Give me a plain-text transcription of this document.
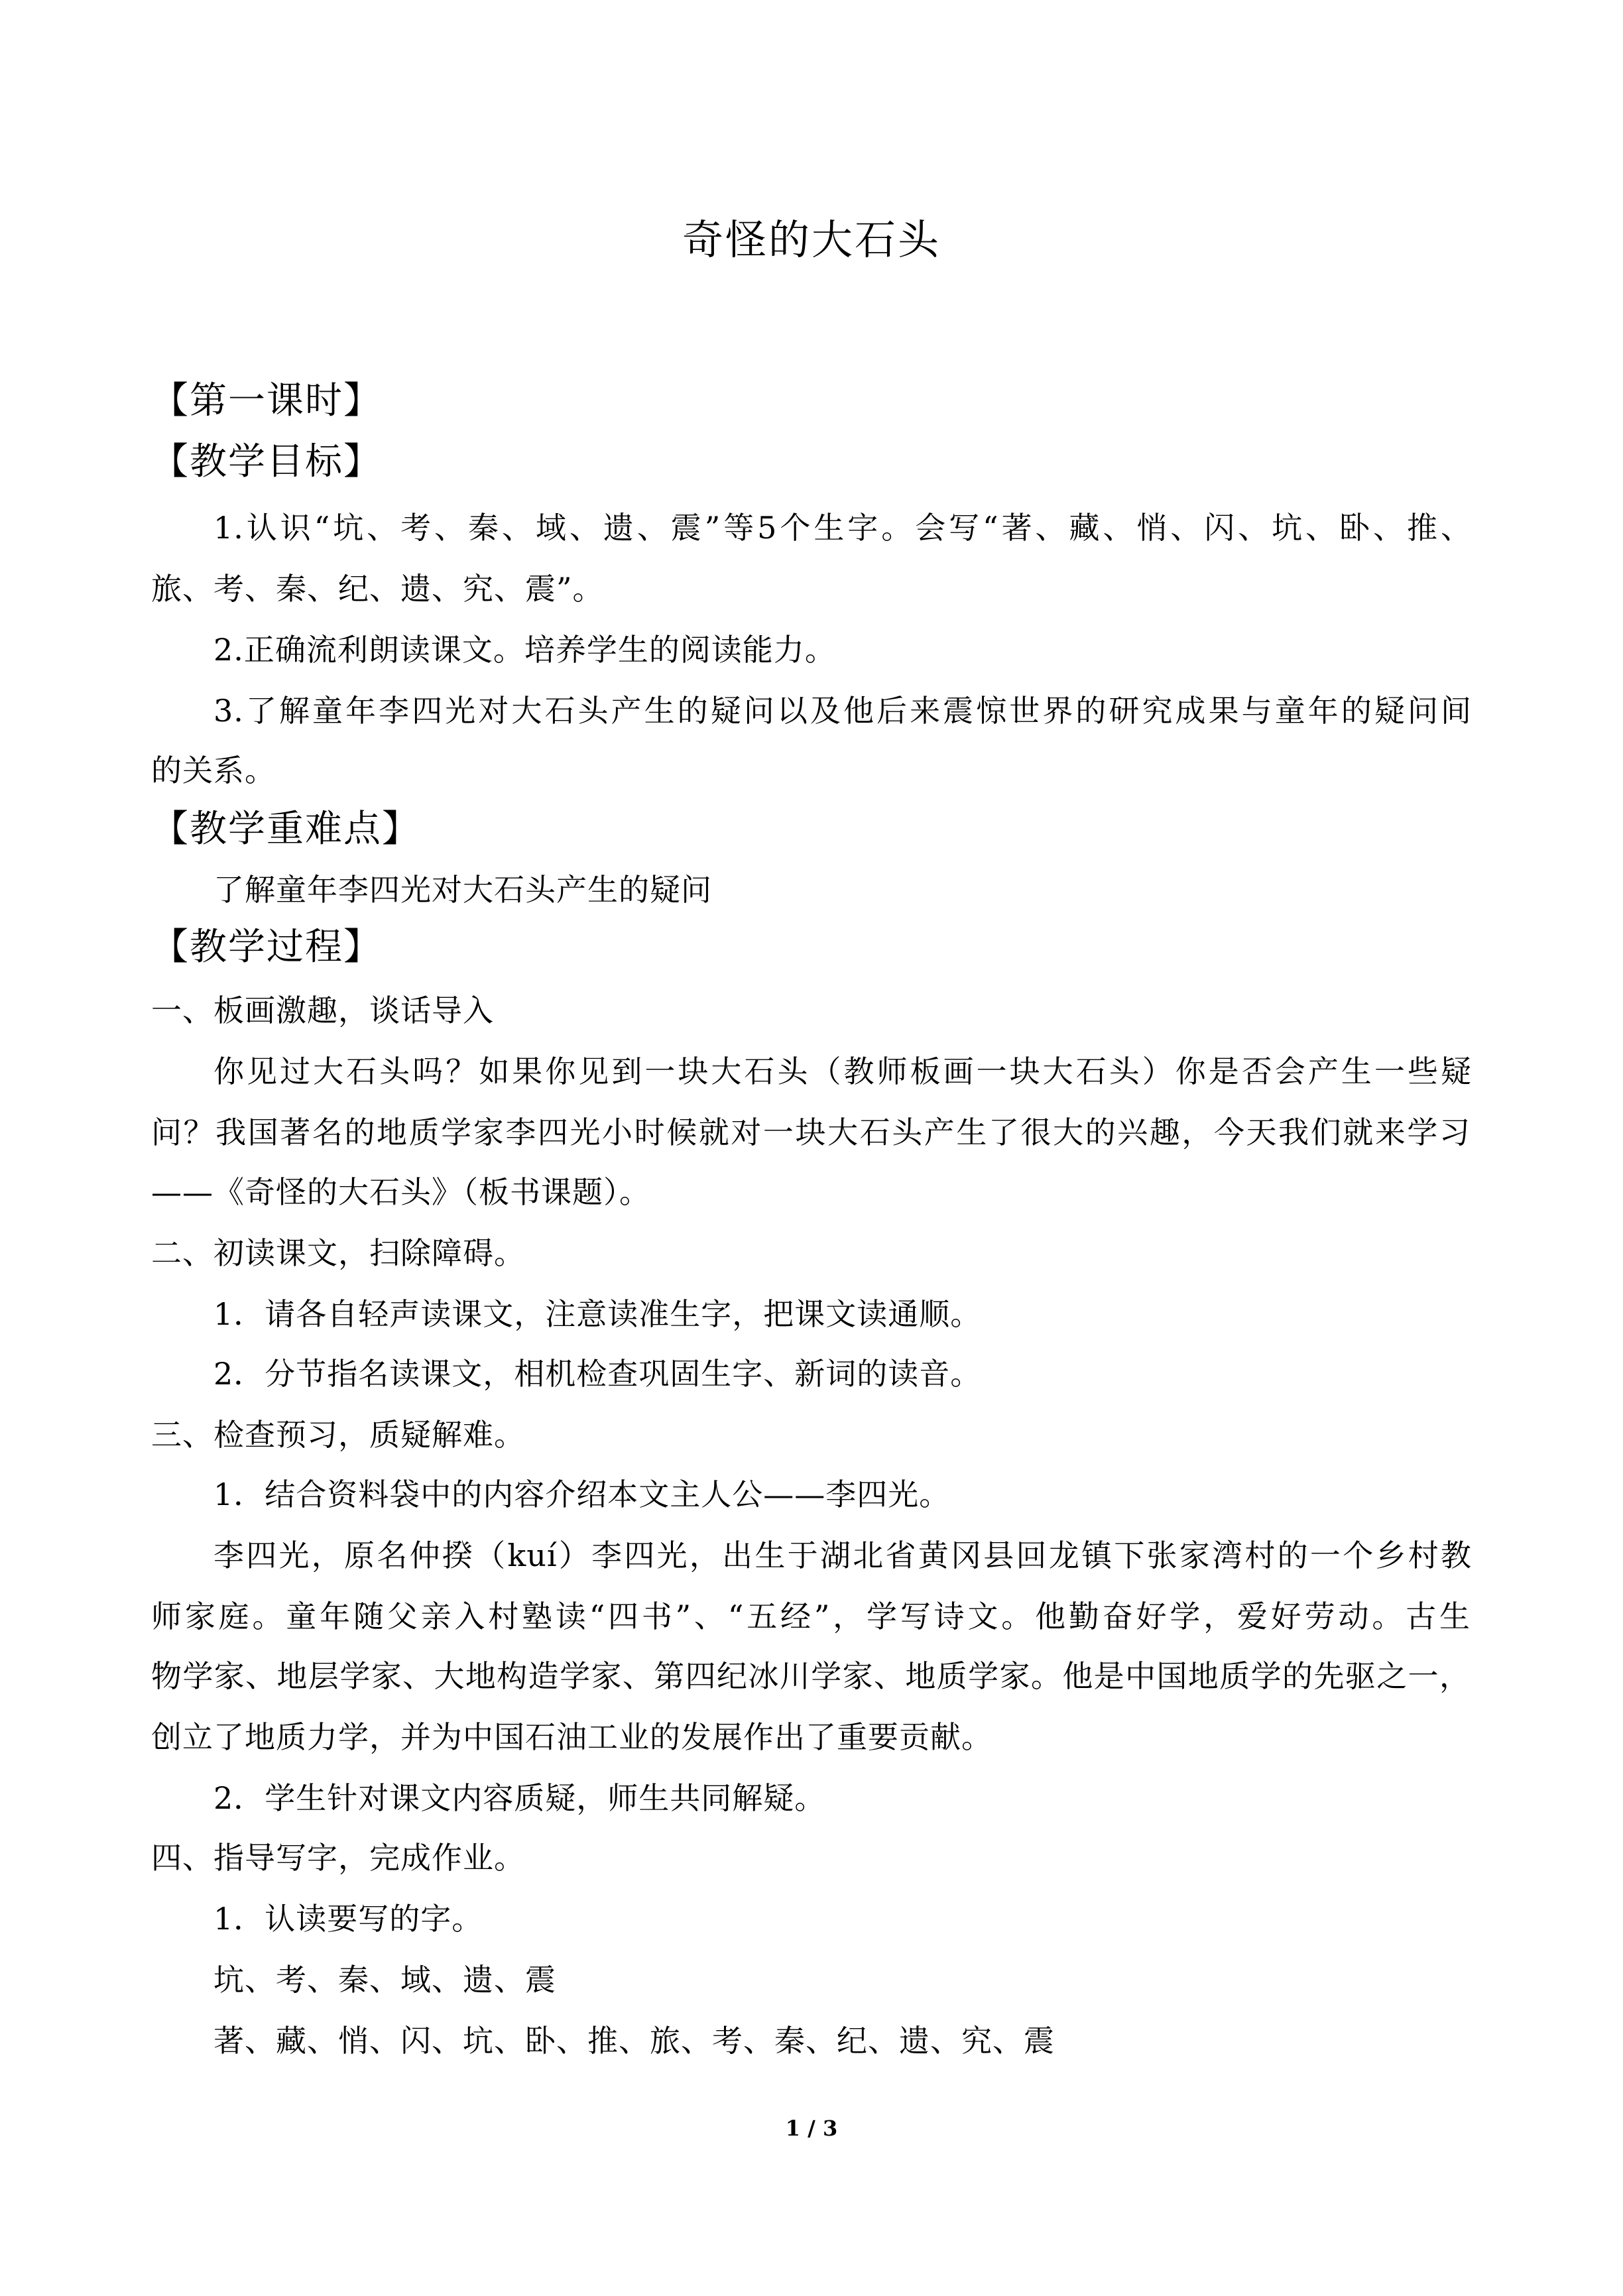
奇怪的大石头
【第一课时】
【教学目标】
1.认识“坑、考、秦、域、遗、震”等5个生字。会写“著、藏、悄、闪、坑、卧、推、
旅、考、秦、纪、遗、究、震”。
2.正确流利朗读课文。培养学生的阅读能力。
3.了解童年李四光对大石头产生的疑问以及他后来震惊世界的研究成果与童年的疑问间
的关系。
【教学重难点】
了解童年李四光对大石头产生的疑问
【教学过程】
一、板画激趣，谈话导入
你见过大石头吗？如果你见到一块大石头（教师板画一块大石头）你是否会产生一些疑
问？我国著名的地质学家李四光小时候就对一块大石头产生了很大的兴趣，今天我们就来学习
——《奇怪的大石头》（板书课题）。
二、初读课文，扫除障碍。
1．请各自轻声读课文，注意读准生字，把课文读通顺。
2．分节指名读课文，相机检查巩固生字、新词的读音。
三、检查预习，质疑解难。
1．结合资料袋中的内容介绍本文主人公——李四光。
李四光，原名仲揆（kuí）李四光，出生于湖北省黄冈县回龙镇下张家湾村的一个乡村教
师家庭。童年随父亲入村塾读“四书”、“五经”，学写诗文。他勤奋好学，爱好劳动。古生
物学家、地层学家、大地构造学家、第四纪冰川学家、地质学家。他是中国地质学的先驱之一，
创立了地质力学，并为中国石油工业的发展作出了重要贡献。
2．学生针对课文内容质疑，师生共同解疑。
四、指导写字，完成作业。
1．认读要写的字。
坑、考、秦、域、遗、震
著、藏、悄、闪、坑、卧、推、旅、考、秦、纪、遗、究、震
1 / 3
